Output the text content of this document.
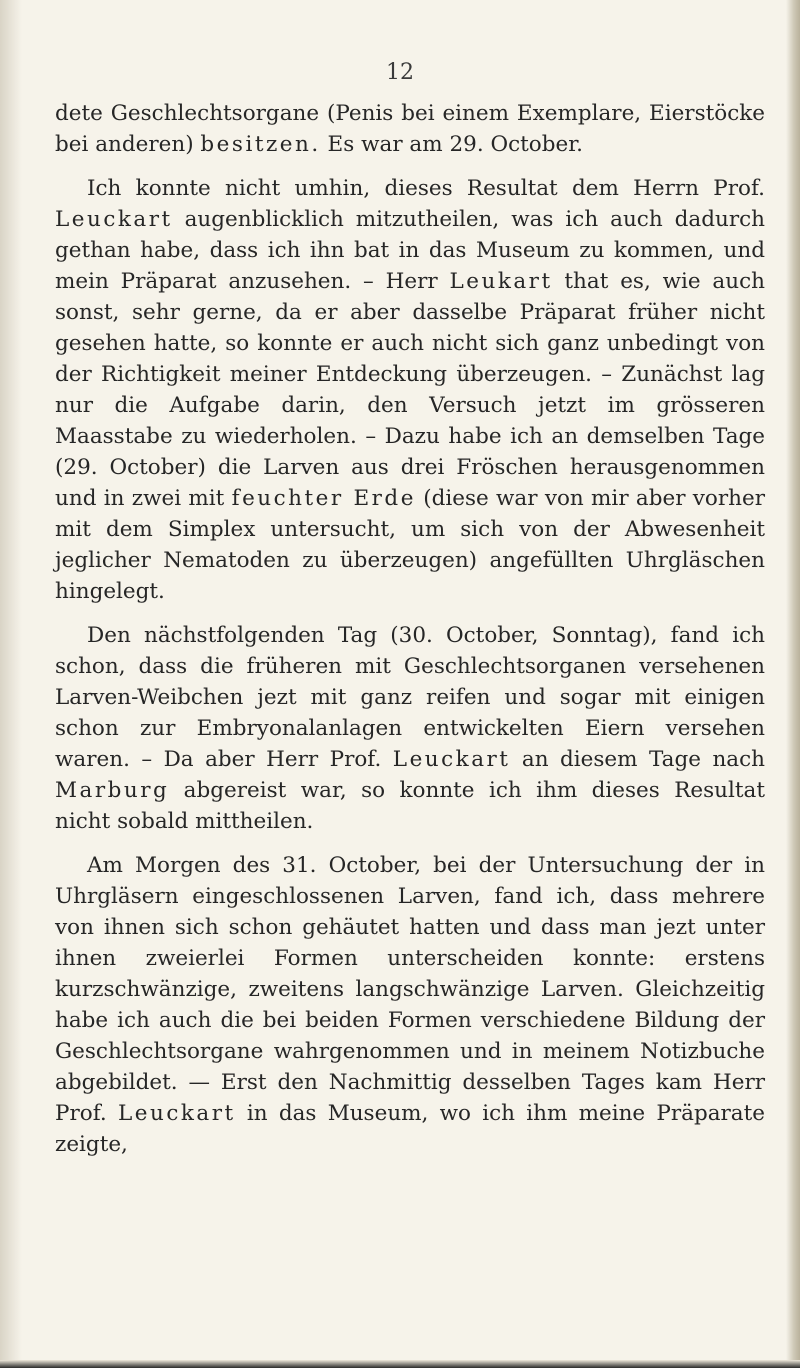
12

dete Geschlechtsorgane (Penis bei einem Exemplare, Eierstöcke bei anderen) besitzen. Es war am 29. October.

Ich konnte nicht umhin, dieses Resultat dem Herrn Prof. Leuckart augenblicklich mitzutheilen, was ich auch dadurch gethan habe, dass ich ihn bat in das Museum zu kommen, und mein Präparat anzusehen. – Herr Leukart that es, wie auch sonst, sehr gerne, da er aber dasselbe Präparat früher nicht gesehen hatte, so konnte er auch nicht sich ganz unbedingt von der Richtigkeit meiner Entdeckung überzeugen. – Zunächst lag nur die Aufgabe darin, den Versuch jetzt im grösseren Maasstabe zu wiederholen. – Dazu habe ich an demselben Tage (29. October) die Larven aus drei Fröschen herausgenommen und in zwei mit feuchter Erde (diese war von mir aber vorher mit dem Simplex untersucht, um sich von der Abwesenheit jeglicher Nematoden zu überzeugen) angefüllten Uhrgläschen hingelegt.

Den nächstfolgenden Tag (30. October, Sonntag), fand ich schon, dass die früheren mit Geschlechtsorganen versehenen Larven-Weibchen jezt mit ganz reifen und sogar mit einigen schon zur Embryonalanlagen entwickelten Eiern versehen waren. – Da aber Herr Prof. Leuckart an diesem Tage nach Marburg abgereist war, so konnte ich ihm dieses Resultat nicht sobald mittheilen.

Am Morgen des 31. October, bei der Untersuchung der in Uhrgläsern eingeschlossenen Larven, fand ich, dass mehrere von ihnen sich schon gehäutet hatten und dass man jezt unter ihnen zweierlei Formen unterscheiden konnte: erstens kurzschwänzige, zweitens langschwänzige Larven. Gleichzeitig habe ich auch die bei beiden Formen verschiedene Bildung der Geschlechtsorgane wahrgenommen und in meinem Notizbuche abgebildet. — Erst den Nachmittig desselben Tages kam Herr Prof. Leuckart in das Museum, wo ich ihm meine Präparate zeigte,
